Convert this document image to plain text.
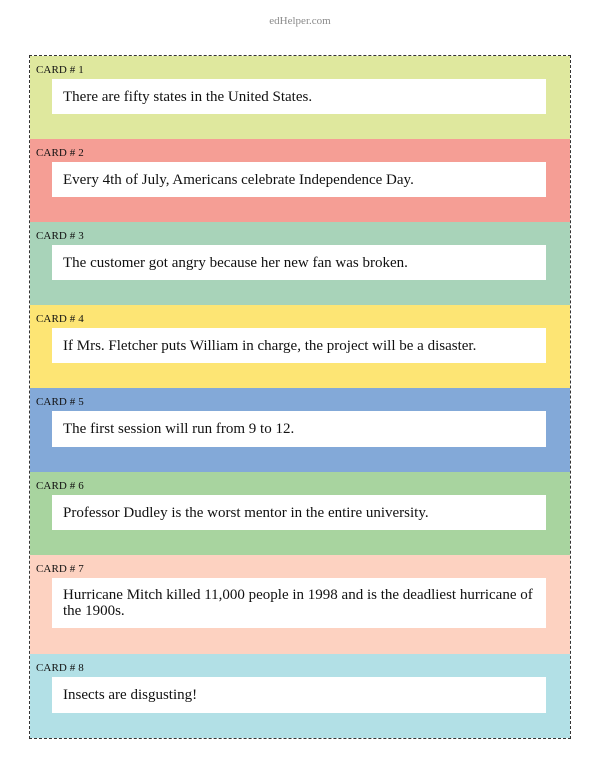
edHelper.com
CARD # 1
There are fifty states in the United States.
CARD # 2
Every 4th of July, Americans celebrate Independence Day.
CARD # 3
The customer got angry because her new fan was broken.
CARD # 4
If Mrs. Fletcher puts William in charge, the project will be a disaster.
CARD # 5
The first session will run from 9 to 12.
CARD # 6
Professor Dudley is the worst mentor in the entire university.
CARD # 7
Hurricane Mitch killed 11,000 people in 1998 and is the deadliest hurricane of the 1900s.
CARD # 8
Insects are disgusting!
